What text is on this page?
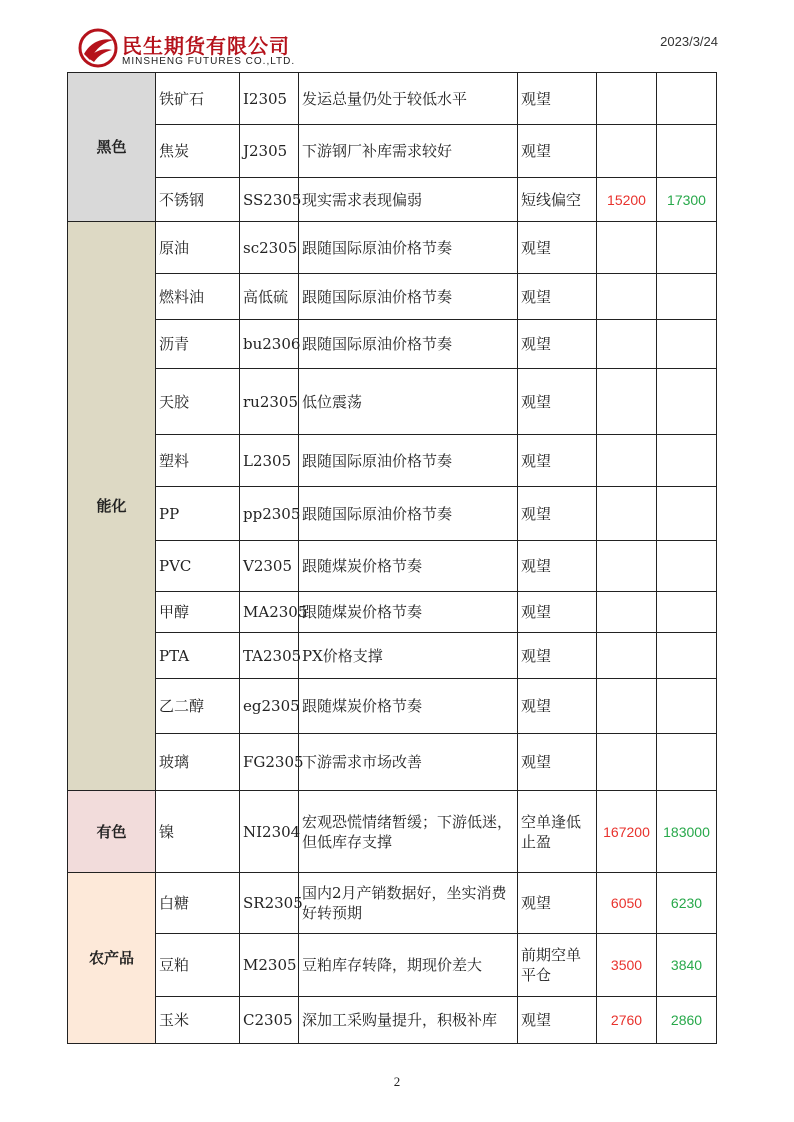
民生期货有限公司
MINSHENG FUTURES CO.,LTD.
2023/3/24
黑色	铁矿石	I2305	发运总量仍处于较低水平	观望		
	焦炭	J2305	下游钢厂补库需求较好	观望		
	不锈钢	SS2305	现实需求表现偏弱	短线偏空	15200	17300
能化	原油	sc2305	跟随国际原油价格节奏	观望		
	燃料油	高低硫	跟随国际原油价格节奏	观望		
	沥青	bu2306	跟随国际原油价格节奏	观望		
	天胶	ru2305	低位震荡	观望		
	塑料	L2305	跟随国际原油价格节奏	观望		
	PP	pp2305	跟随国际原油价格节奏	观望		
	PVC	V2305	跟随煤炭价格节奏	观望		
	甲醇	MA2305	跟随煤炭价格节奏	观望		
	PTA	TA2305	PX价格支撑	观望		
	乙二醇	eg2305	跟随煤炭价格节奏	观望		
	玻璃	FG2305	下游需求市场改善	观望		
有色	镍	NI2304	宏观恐慌情绪暂缓；下游低迷，但低库存支撑	空单逢低止盈	167200	183000
农产品	白糖	SR2305	国内2月产销数据好，坐实消费好转预期	观望	6050	6230
	豆粕	M2305	豆粕库存转降，期现价差大	前期空单平仓	3500	3840
	玉米	C2305	深加工采购量提升，积极补库	观望	2760	2860
2
